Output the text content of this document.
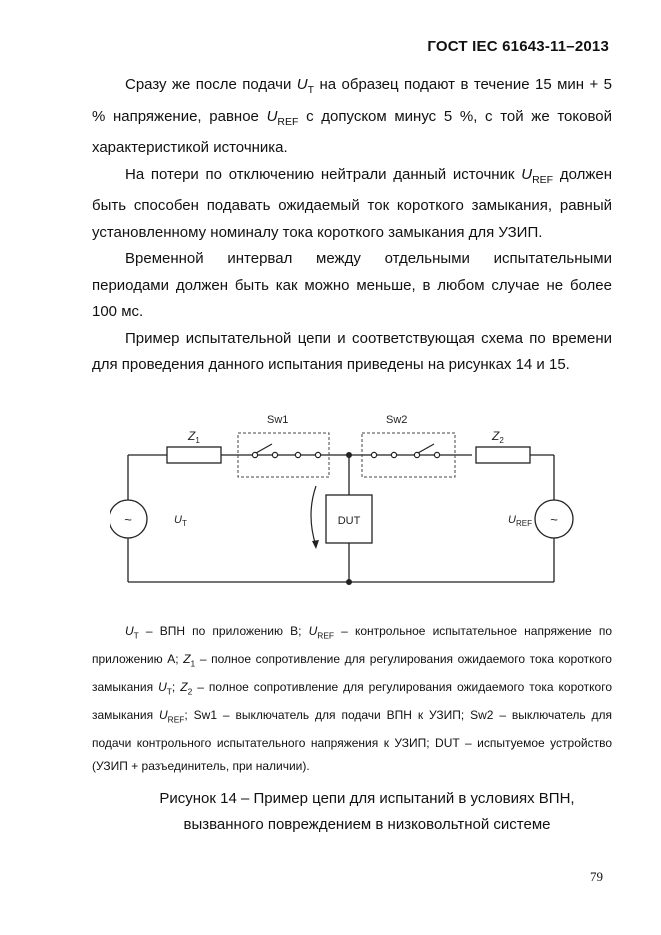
ГОСТ IEC 61643-11–2013

Сразу же после подачи $U_T$ на образец подают в течение 15 мин + 5 % напряжение, равное $U_{REF}$ с допуском минус 5 %, с той же токовой характеристикой источника.

На потери по отключению нейтрали данный источник $U_{REF}$ должен быть способен подавать ожидаемый ток короткого замыкания, равный установленному номиналу тока короткого замыкания для УЗИП.

Временной интервал между отдельными испытательными периодами должен быть как можно меньше, в любом случае не более 100 мс.

Пример испытательной цепи и соответствующая схема по времени для проведения данного испытания приведены на рисунках 14 и 15.

$Z_1$	$Z_2$
Sw1	Sw2
DUT
$U_T$	$U_{REF}$
~	~

$U_T$ – ВПН по приложению В; $U_{REF}$ – контрольное испытательное напряжение по приложению А; $Z_1$ – полное сопротивление для регулирования ожидаемого тока короткого замыкания $U_T$; $Z_2$ – полное сопротивление для регулирования ожидаемого тока короткого замыкания $U_{REF}$; Sw1 – выключатель для подачи ВПН к УЗИП; Sw2 – выключатель для подачи контрольного испытательного напряжения к УЗИП; DUT – испытуемое устройство (УЗИП + разъединитель, при наличии).

Рисунок 14 – Пример цепи для испытаний в условиях ВПН,
вызванного повреждением в низковольтной системе
79
